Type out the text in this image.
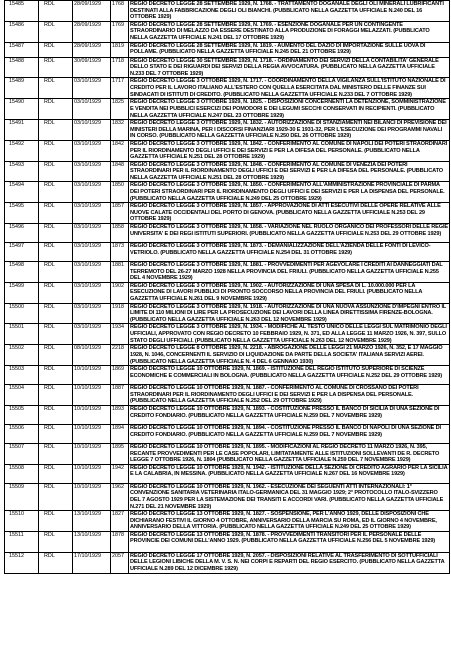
15485	RDL	28/09/1929	1768	REGIO DECRETO LEGGE 28 SETTEMBRE 1929, N. 1768. - TRATTAMENTO DOGANALE DEGLI OLI MINERALI LUBRIFICANTI DESTINATI ALLA FABBRICAZIONE DEGLI OLI BIANCHI. (PUBBLICATO NELLA GAZZETTA UFFICIALE N.240 DEL 16 OTTOBRE 1929)
15486	RDL	28/09/1929	1769	REGIO DECRETO LEGGE 28 SETTEMBRE 1929, N. 1769. - ESENZIONE DOGANALE PER UN CONTINGENTE STRAORDINARIO DI MELAZZO DA ESSERE DESTINATO ALLA PRODUZIONE DI FORAGGI MELAZZATI. (PUBBLICATO NELLA GAZZETTA UFFICIALE N.241 DEL 17 OTTOBRE 1929)
15487	RDL	28/09/1929	1819	REGIO DECRETO LEGGE 28 SETTEMBRE 1929, N. 1819. - AUMENTO DEL DAZIO DI IMPORTAZIONE SULLE UOVA DI POLLAME. (PUBBLICATO NELLA GAZZETTA UFFICIALE N.245 DEL 21 OTTOBRE 1929)
15488	RDL	30/09/1929	1718	REGIO DECRETO LEGGE 30 SETTEMBRE 1929, N. 1718. - ORDINAMENTO DEI SERVIZI DELLA CONTABILITA' GENERALE DELLO STATO E DEI RIGUARDI DEI SERVIZI DELLA REGIA AVVOCATURA. (PUBBLICATO NELLA GAZZETTA UFFICIALE N.233 DEL 7 OTTOBRE 1929)
15489	RDL	03/10/1929	1717	REGIO DECRETO LEGGE 3 OTTOBRE 1929, N. 1717. - COORDINAMENTO DELLA VIGILANZA SULL'ISTITUTO NAZIONALE DI CREDITO PER IL LAVORO ITALIANO ALL'ESTERO CON QUELLA ESERCITATA DAL MINISTERO DELLE FINANZE SUI SINDACATI DI ISTITUTI DI CREDITO. (PUBBLICATO NELLA GAZZETTA UFFICIALE N.233 DEL 7 OTTOBRE 1929)
15490	RDL	03/10/1929	1825	REGIO DECRETO LEGGE 3 OTTOBRE 1929, N. 1825. - DISPOSIZIONI CONCERNENTI LA DETENZIONE, SOMMINISTRAZIONE E VENDITA NEI PUBBLICI ESERCIZI DEI POMODORI E DEI LEGUMI SECCHI CONSERVATI IN RECIPIENTI. (PUBBLICATO NELLA GAZZETTA UFFICIALE N.247 DEL 23 OTTOBRE 1929)
15491	RDL	03/10/1929	1832	REGIO DECRETO LEGGE 3 OTTOBRE 1929, N. 1832. - AUTORIZZAZIONE DI STANZIAMENTI NEI BILANCI DI PREVISIONE DEI MINISTERI DELLA MARINA, PER I DISCORSI FINANZIARI 1929-30 E 1931-32, PER L'ESECUZIONE DEI PROGRAMMI NAVALI IN CORSO. (PUBBLICATO NELLA GAZZETTA UFFICIALE N.250 DEL 26 OTTOBRE 1929)
15492	RDL	03/10/1929	1842	REGIO DECRETO LEGGE 3 OTTOBRE 1929, N. 1842. - CONFERIMENTO AL COMUNE DI NAPOLI DEI POTERI STRAORDINARI PER IL RIORDINAMENTO DEGLI UFFICI E DEI SERVIZI E PER LA DIFESA DEL PERSONALE. (PUBBLICATO NELLA GAZZETTA UFFICIALE N.251 DEL 28 OTTOBRE 1929)
15493	RDL	03/10/1929	1848	REGIO DECRETO LEGGE 3 OTTOBRE 1929, N. 1848. - CONFERIMENTO AL COMUNE DI VENEZIA DEI POTERI STRAORDINARI PER IL RIORDINAMENTO DEGLI UFFICI E DEI SERVIZI E PER LA DIFESA DEL PERSONALE. (PUBBLICATO NELLA GAZZETTA UFFICIALE N.251 DEL 28 OTTOBRE 1929)
15494	RDL	03/10/1929	1850	REGIO DECRETO LEGGE 3 OTTOBRE 1929, N. 1850. - CONFERIMENTO ALL'AMMINISTRAZIONE PROVINCIALE DI PARMA DEI POTERI STRAORDINARI PER IL RIORDINAMENTO DEGLI UFFICI E DEI SERVIZI E PER LA DISPENSA DEL PERSONALE. (PUBBLICATO NELLA GAZZETTA UFFICIALE N.249 DEL 25 OTTOBRE 1929)
15495	RDL	03/10/1929	1857	REGIO DECRETO LEGGE 3 OTTOBRE 1929, N. 1857. - APPROVAZIONE DI ATTI ESECUTIVI DELLE OPERE RELATIVE ALLE NUOVE CALATE OCCIDENTALI DEL PORTO DI GENOVA. (PUBBLICATO NELLA GAZZETTA UFFICIALE N.253 DEL 29 OTTOBRE 1929)
15496	RDL	03/10/1929	1858	REGIO DECRETO LEGGE 3 OTTOBRE 1929, N. 1858. - VARIAZIONE NEL RUOLO ORGANICO DEI PROFESSORI DELLE REGIE UNIVERSITA' E DEI REGI ISTITUTI SUPERIORI. (PUBBLICATO NELLA GAZZETTA UFFICIALE N.253 DEL 29 OTTOBRE 1929)
15497	RDL	03/10/1929	1873	REGIO DECRETO LEGGE 3 OTTOBRE 1929, N. 1873. - DEMANIALIZZAZIONE DELL'AZIENDA DELLE FONTI DI LEVICO-VETRIOLO. (PUBBLICATO NELLA GAZZETTA UFFICIALE N.254 DEL 31 OTTOBRE 1929)
15498	RDL	03/10/1929	1881	REGIO DECRETO LEGGE 3 OTTOBRE 1929, N. 1881. - PROVVEDIMENTI PER AGEVOLARE I CREDITI AI DANNEGGIATI DAL TERREMOTO DEL 26-27 MARZO 1928 NELLA PROVINCIA DEL FRIULI. (PUBBLICATO NELLA GAZZETTA UFFICIALE N.255 DEL 4 NOVEMBRE 1929)
15499	RDL	03/10/1929	1902	REGIO DECRETO LEGGE 3 OTTOBRE 1929, N. 1902. - AUTORIZZAZIONE DI UNA SPESA DI L. 10.000.000 PER LA ESECUZIONE DI LAVORI PUBBLICI DI PRONTO SOCCORSO NELLA PROVINCIA DEL FRIULI. (PUBBLICATO NELLA GAZZETTA UFFICIALE N.261 DEL 9 NOVEMBRE 1929)
15500	RDL	03/10/1929	1918	REGIO DECRETO LEGGE 3 OTTOBRE 1929, N. 1918. - AUTORIZZAZIONE DI UNA NUOVA ASSUNZIONE D'IMPEGNI ENTRO IL LIMITE DI 110 MILIONI DI LIRE PER LA PROSECUZIONE DEI LAVORI DELLA LINEA DIRETTISSIMA FIRENZE-BOLOGNA. (PUBBLICATO NELLA GAZZETTA UFFICIALE N.263 DEL 12 NOVEMBRE 1929)
15501	RDL	03/10/1929	1934	REGIO DECRETO LEGGE 3 OTTOBRE 1929, N. 1934. - MODIFICHE AL TESTO UNICO DELLE LEGGI SUL MATRIMONIO DEGLI UFFICIALI, APPROVATO CON REGIO DECRETO 10 FEBBRAIO 1929, N. 371, ED ALLA LEGGE 11 MARZO 1926, N. 397, SULLO STATO DEGLI UFFICIALI. (PUBBLICATO NELLA GAZZETTA UFFICIALE N.263 DEL 12 NOVEMBRE 1929)
15502	RDL	08/10/1929	2218	REGIO DECRETO LEGGE 8 OTTOBRE 1929, N. 2218. - ABROGAZIONE DELLE LEGGI 21 MARZO 1926, N. 352, E 17 MAGGIO 1928, N. 1046, CONCERNENTI IL SERVIZIO DI LIQUIDAZIONE DA PARTE DELLA SOCIETA' ITALIANA SERVIZI AEREI. (PUBBLICATO NELLA GAZZETTA UFFICIALE N. 4 DEL 6 GENNAIO 1930)
15503	RDL	10/10/1929	1869	REGIO DECRETO LEGGE 10 OTTOBRE 1929, N. 1869. - ISTITUZIONE DEL REGIO ISTITUTO SUPERIORE DI SCIENZE ECONOMICHE E COMMERCIALI IN BOLOGNA. (PUBBLICATO NELLA GAZZETTA UFFICIALE N.252 DEL 29 OTTOBRE 1929)
15504	RDL	10/10/1929	1887	REGIO DECRETO LEGGE 10 OTTOBRE 1929, N. 1887. - CONFERIMENTO AL COMUNE DI CROSSANO DEI POTERI STRAORDINARI PER IL RIORDINAMENTO DEGLI UFFICI E DEI SERVIZI E PER LA DISPENSA DEL PERSONALE. (PUBBLICATO NELLA GAZZETTA UFFICIALE N.252 DEL 29 OTTOBRE 1929)
15505	RDL	10/10/1929	1893	REGIO DECRETO LEGGE 10 OTTOBRE 1929, N. 1893. - COSTITUZIONE PRESSO IL BANCO DI SICILIA DI UNA SEZIONE DI CREDITO FONDIARIO. (PUBBLICATO NELLA GAZZETTA UFFICIALE N.259 DEL 7 NOVEMBRE 1929)
15506	RDL	10/10/1929	1894	REGIO DECRETO LEGGE 10 OTTOBRE 1929, N. 1894. - COSTITUZIONE PRESSO IL BANCO DI NAPOLI DI UNA SEZIONE DI CREDITO FONDIARIO. (PUBBLICATO NELLA GAZZETTA UFFICIALE N.259 DEL 7 NOVEMBRE 1929)
15507	RDL	10/10/1929	1895	REGIO DECRETO LEGGE 10 OTTOBRE 1929, N. 1895. - MODIFICAZIONI AL REGIO DECRETO 11 MARZO 1926, N. 395, RECANTE PROVVEDIMENTI PER LE CASE POPOLARI, LIMITATAMENTE ALLE ISTITUZIONI SOLLEVANTI DE R. DECRETO LEGGE 7 OTTOBRE 1926, N. 1804 (PUBBLICATO NELLA GAZZETTA UFFICIALE N.259 DEL 7 NOVEMBRE 1929)
15508	RDL	10/10/1929	1942	REGIO DECRETO LEGGE 10 OTTOBRE 1929, N. 1942. - ISTITUZIONE DELLA SEZIONE DI CREDITO AGRARIO PER LA SICILIA E LA CALABRIA, IN MESSINA. (PUBBLICATO NELLA GAZZETTA UFFICIALE N.267 DEL 16 NOVEMBRE 1929)
15509	RDL	10/10/1929	1962	REGIO DECRETO LEGGE 10 OTTOBRE 1929, N. 1962. - ESECUZIONE DEI SEGUENTI ATTI INTERNAZIONALI: 1° CONVENZIONE SANITARIA VETERINARIA ITALO-GERMANICA DEL 31 MAGGIO 1929; 2° PROTOCOLLO ITALO-SVIZZERO DEL 7 AGOSTO 1929 PER LA SISTEMAZIONE DEI TRANSITI E ACCORDI VARI. (PUBBLICATO NELLA GAZZETTA UFFICIALE N.271 DEL 21 NOVEMBRE 1929)
15510	RDL	13/10/1929	1827	REGIO DECRETO LEGGE 13 OTTOBRE 1929, N. 1827. - SOSPENSIONE, PER L'ANNO 1929, DELLE DISPOSIZIONI CHE DICHIARANO FESTIVI IL GIORNO 4 OTTOBRE, ANNIVERSARIO DELLA MARCIA SU ROMA, ED IL GIORNO 4 NOVEMBRE, ANNIVERSARIO DELLA VITTORIA. (PUBBLICATO NELLA GAZZETTA UFFICIALE N.249 DEL 25 OTTOBRE 1929)
15511	RDL	13/10/1929	1878	REGIO DECRETO LEGGE 13 OTTOBRE 1929, N. 1878. - PROVVEDIMENTI TRANSITORI PER IL PERSONALE DELLE PROVINCIE DEI COMUNI DELL'ANNO 1929. (PUBBLICATO NELLA GAZZETTA UFFICIALE N.256 DEL 5 NOVEMBRE 1929)
15512	RDL	17/10/1929	2057	REGIO DECRETO LEGGE 17 OTTOBRE 1929, N. 2057. - DISPOSIZIONI RELATIVE AL TRASFERIMENTO DI SOTTUFFICIALI DELLE LEGIONI LIBICHE DELLA M. V. S. N. NEI CORPI E REPARTI DEL REGIO ESERCITO. (PUBBLICATO NELLA GAZZETTA UFFICIALE N.289 DEL 12 DICEMBRE 1929)
